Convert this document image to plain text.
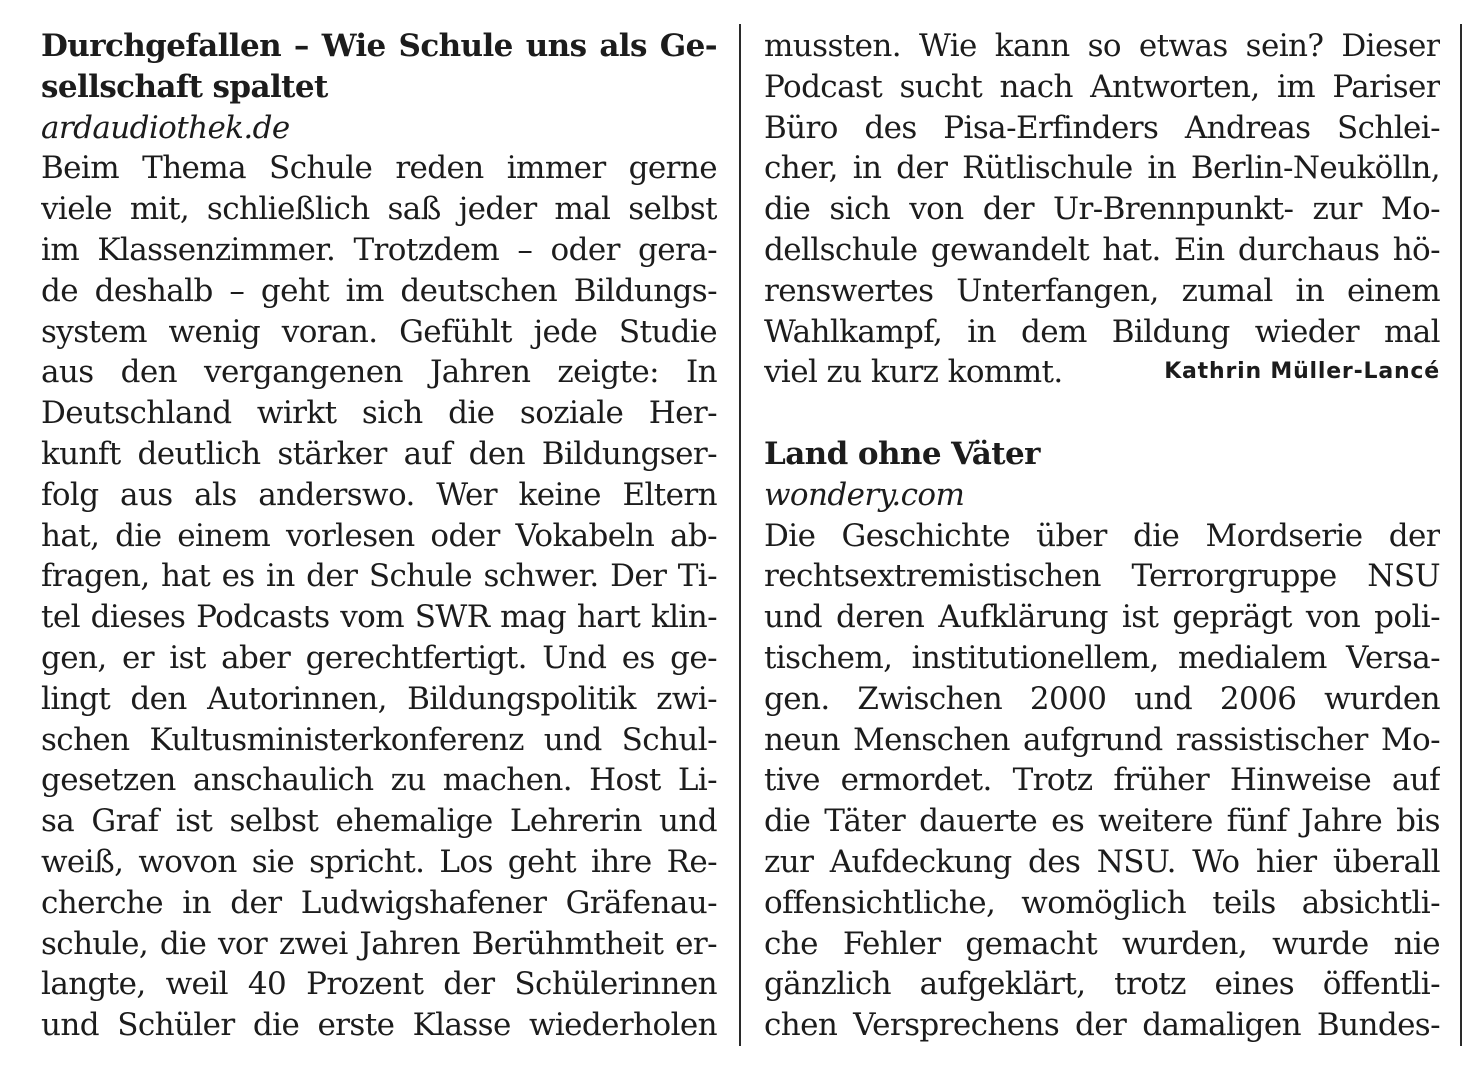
Durchgefallen – Wie Schule uns als Ge-
sellschaft spaltet
ardaudiothek.de
Beim Thema Schule reden immer gerne
viele mit, schließlich saß jeder mal selbst
im Klassenzimmer. Trotzdem – oder gera-
de deshalb – geht im deutschen Bildungs-
system wenig voran. Gefühlt jede Studie
aus den vergangenen Jahren zeigte: In
Deutschland wirkt sich die soziale Her-
kunft deutlich stärker auf den Bildungser-
folg aus als anderswo. Wer keine Eltern
hat, die einem vorlesen oder Vokabeln ab-
fragen, hat es in der Schule schwer. Der Ti-
tel dieses Podcasts vom SWR mag hart klin-
gen, er ist aber gerechtfertigt. Und es ge-
lingt den Autorinnen, Bildungspolitik zwi-
schen Kultusministerkonferenz und Schul-
gesetzen anschaulich zu machen. Host Li-
sa Graf ist selbst ehemalige Lehrerin und
weiß, wovon sie spricht. Los geht ihre Re-
cherche in der Ludwigshafener Gräfenau-
schule, die vor zwei Jahren Berühmtheit er-
langte, weil 40 Prozent der Schülerinnen
und Schüler die erste Klasse wiederholen
mussten. Wie kann so etwas sein? Dieser
Podcast sucht nach Antworten, im Pariser
Büro des Pisa-Erfinders Andreas Schlei-
cher, in der Rütlischule in Berlin-Neukölln,
die sich von der Ur-Brennpunkt- zur Mo-
dellschule gewandelt hat. Ein durchaus hö-
renswertes Unterfangen, zumal in einem
Wahlkampf, in dem Bildung wieder mal
viel zu kurz kommt.	Kathrin Müller-Lancé
Land ohne Väter
wondery.com
Die Geschichte über die Mordserie der
rechtsextremistischen Terrorgruppe NSU
und deren Aufklärung ist geprägt von poli-
tischem, institutionellem, medialem Versa-
gen. Zwischen 2000 und 2006 wurden
neun Menschen aufgrund rassistischer Mo-
tive ermordet. Trotz früher Hinweise auf
die Täter dauerte es weitere fünf Jahre bis
zur Aufdeckung des NSU. Wo hier überall
offensichtliche, womöglich teils absichtli-
che Fehler gemacht wurden, wurde nie
gänzlich aufgeklärt, trotz eines öffentli-
chen Versprechens der damaligen Bundes-
